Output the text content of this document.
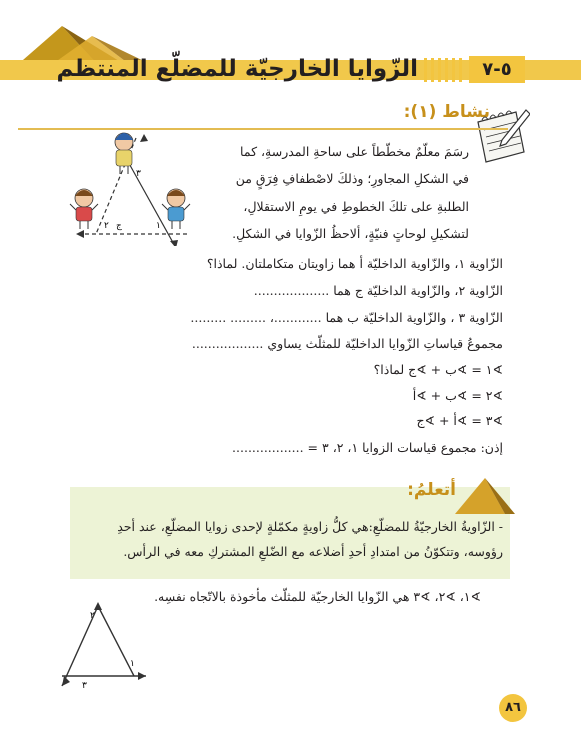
٥-٧
الزّوايا الخارجيّة للمضلّع المنتظم
نشاط (١):
رسَمَ معلّمٌ مخطّطاً على ساحةِ المدرسةِ، كما
في الشكلِ المجاورِ؛ وذلكَ لاصْطفافِ فِرَقٍ من
الطلبةِ على تلكَ الخطوطِ في يومِ الاستقلالِ،
لتشكيلِ لوحاتٍ فنيّةٍ، ألاحظُ الزّوايا في الشكلِ.
٣
١
٢ ج
الزّاوية ١، والزّاوية الداخليّة أ هما زاويتان متكاملتان. لماذا؟
الزّاوية ٢، والزّاوية الداخليّة ج هما ...................
الزّاوية ٣ ، والزّاوية الداخليّة ب هما ............، ......... .........
مجموعُ قياساتِ الزّوايا الداخليّة للمثلّث يساوي ..................
∢١ = ∢ب + ∢ج لماذا؟
∢٢ = ∢ب + ∢أ
∢٣ = ∢أ + ∢ج
إذن: مجموع قياسات الزوايا ١، ٢، ٣ = ..................
أتعلمُ:
- الزّاويةُ الخارجيّةُ للمضلّعِ:هي كلُّ زاويةٍ مكمّلةٍ لإحدى زوايا المضلّعِ، عند أحدِ
رؤوسه، وتتكوّنُ من امتدادِ أحدِ أضلاعه مع الضّلعِ المشتركِ معه في الرأس.
∢١، ∢٢، ∢٣ هي الزّوايا الخارجيّة للمثلّث مأخوذة بالاتّجاه نفسِه.
٢
١
٣
٨٦
